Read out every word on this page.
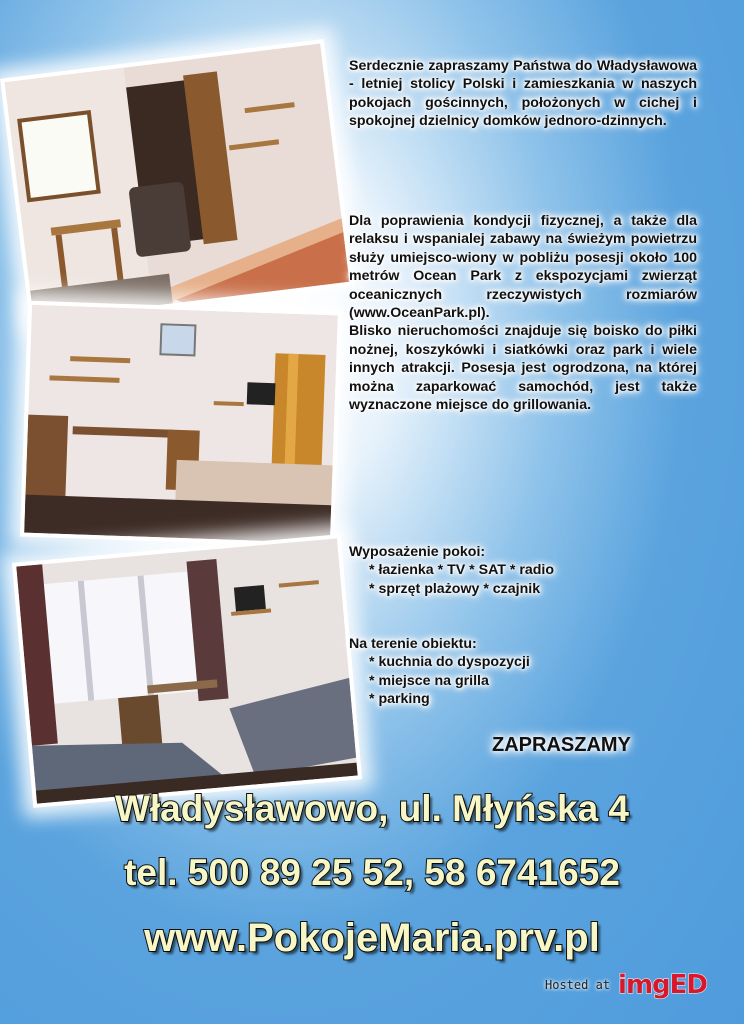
Serdecznie zapraszamy Państwa do Władysławowa - letniej stolicy Polski i zamieszkania w naszych pokojach gościnnych, położonych w cichej i spokojnej dzielnicy domków jednoro-dzinnych.
Dla poprawienia kondycji fizycznej, a także dla relaksu i wspanialej zabawy na świeżym powietrzu służy umiejsco-wiony w pobliżu posesji około 100 metrów Ocean Park z ekspozycjami zwierząt oceanicznych rzeczywistych rozmiarów (www.OceanPark.pl).
Blisko nieruchomości znajduje się boisko do piłki nożnej, koszykówki i siatkówki oraz park i wiele innych atrakcji. Posesja jest ogrodzona, na której można zaparkować samochód, jest także wyznaczone miejsce do grillowania.
Wyposażenie pokoi:
* łazienka * TV * SAT * radio
* sprzęt plażowy * czajnik
Na terenie obiektu:
* kuchnia do dyspozycji
* miejsce na grilla
* parking
ZAPRASZAMY
Władysławowo, ul. Młyńska 4
tel. 500 89 25 52, 58 6741652
www.PokojeMaria.prv.pl
Hosted at imgED
